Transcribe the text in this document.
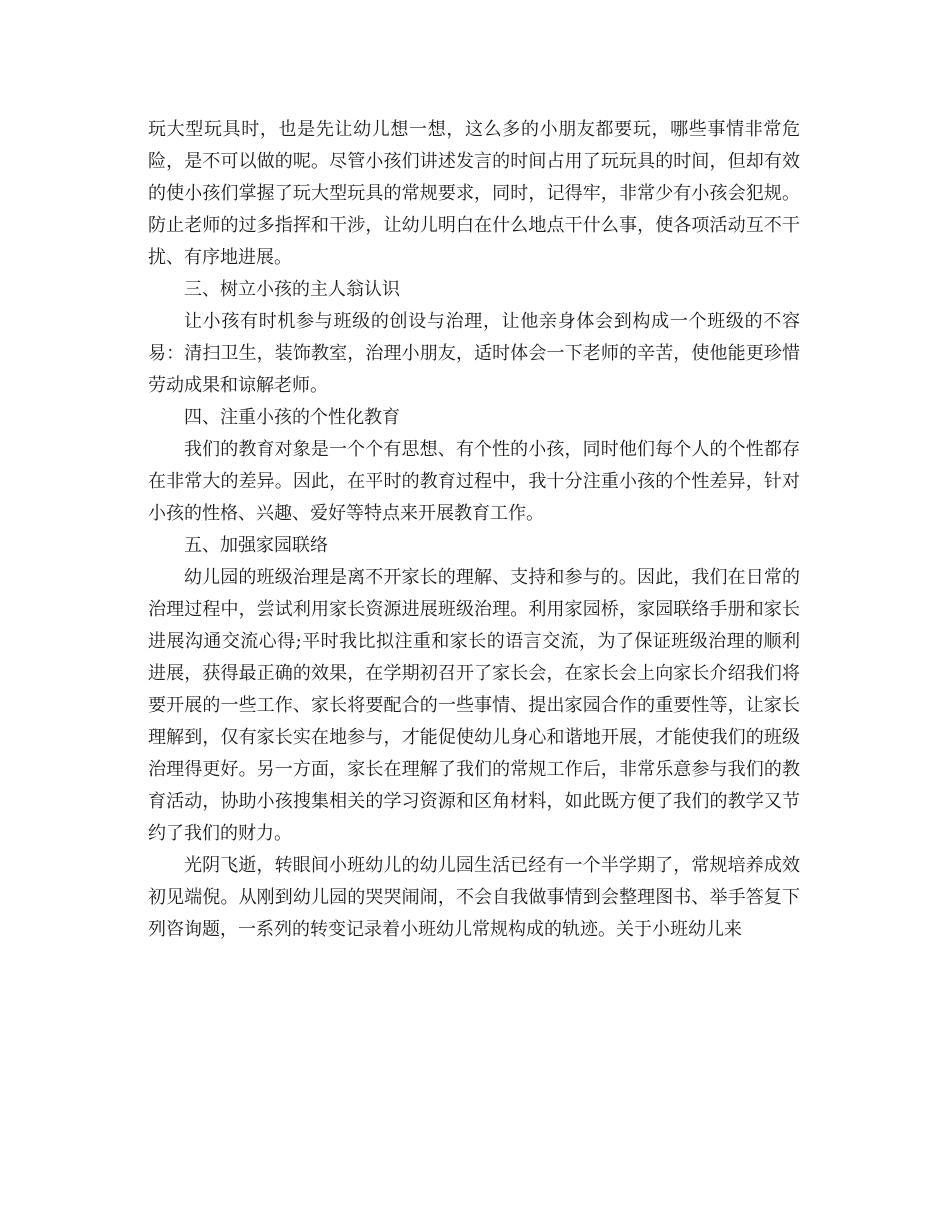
玩大型玩具时，也是先让幼儿想一想，这么多的小朋友都要玩，哪些事情非常危险，是不可以做的呢。尽管小孩们讲述发言的时间占用了玩玩具的时间，但却有效的使小孩们掌握了玩大型玩具的常规要求，同时，记得牢，非常少有小孩会犯规。防止老师的过多指挥和干涉，让幼儿明白在什么地点干什么事，使各项活动互不干扰、有序地进展。

三、树立小孩的主人翁认识

让小孩有时机参与班级的创设与治理，让他亲身体会到构成一个班级的不容易：清扫卫生，装饰教室，治理小朋友，适时体会一下老师的辛苦，使他能更珍惜劳动成果和谅解老师。

四、注重小孩的个性化教育

我们的教育对象是一个个有思想、有个性的小孩，同时他们每个人的个性都存在非常大的差异。因此，在平时的教育过程中，我十分注重小孩的个性差异，针对小孩的性格、兴趣、爱好等特点来开展教育工作。

五、加强家园联络

幼儿园的班级治理是离不开家长的理解、支持和参与的。因此，我们在日常的治理过程中，尝试利用家长资源进展班级治理。利用家园桥，家园联络手册和家长进展沟通交流心得;平时我比拟注重和家长的语言交流，为了保证班级治理的顺利进展，获得最正确的效果，在学期初召开了家长会，在家长会上向家长介绍我们将要开展的一些工作、家长将要配合的一些事情、提出家园合作的重要性等，让家长理解到，仅有家长实在地参与，才能促使幼儿身心和谐地开展，才能使我们的班级治理得更好。另一方面，家长在理解了我们的常规工作后，非常乐意参与我们的教育活动，协助小孩搜集相关的学习资源和区角材料，如此既方便了我们的教学又节约了我们的财力。

光阴飞逝，转眼间小班幼儿的幼儿园生活已经有一个半学期了，常规培养成效初见端倪。从刚到幼儿园的哭哭闹闹，不会自我做事情到会整理图书、举手答复下列咨询题，一系列的转变记录着小班幼儿常规构成的轨迹。关于小班幼儿来
